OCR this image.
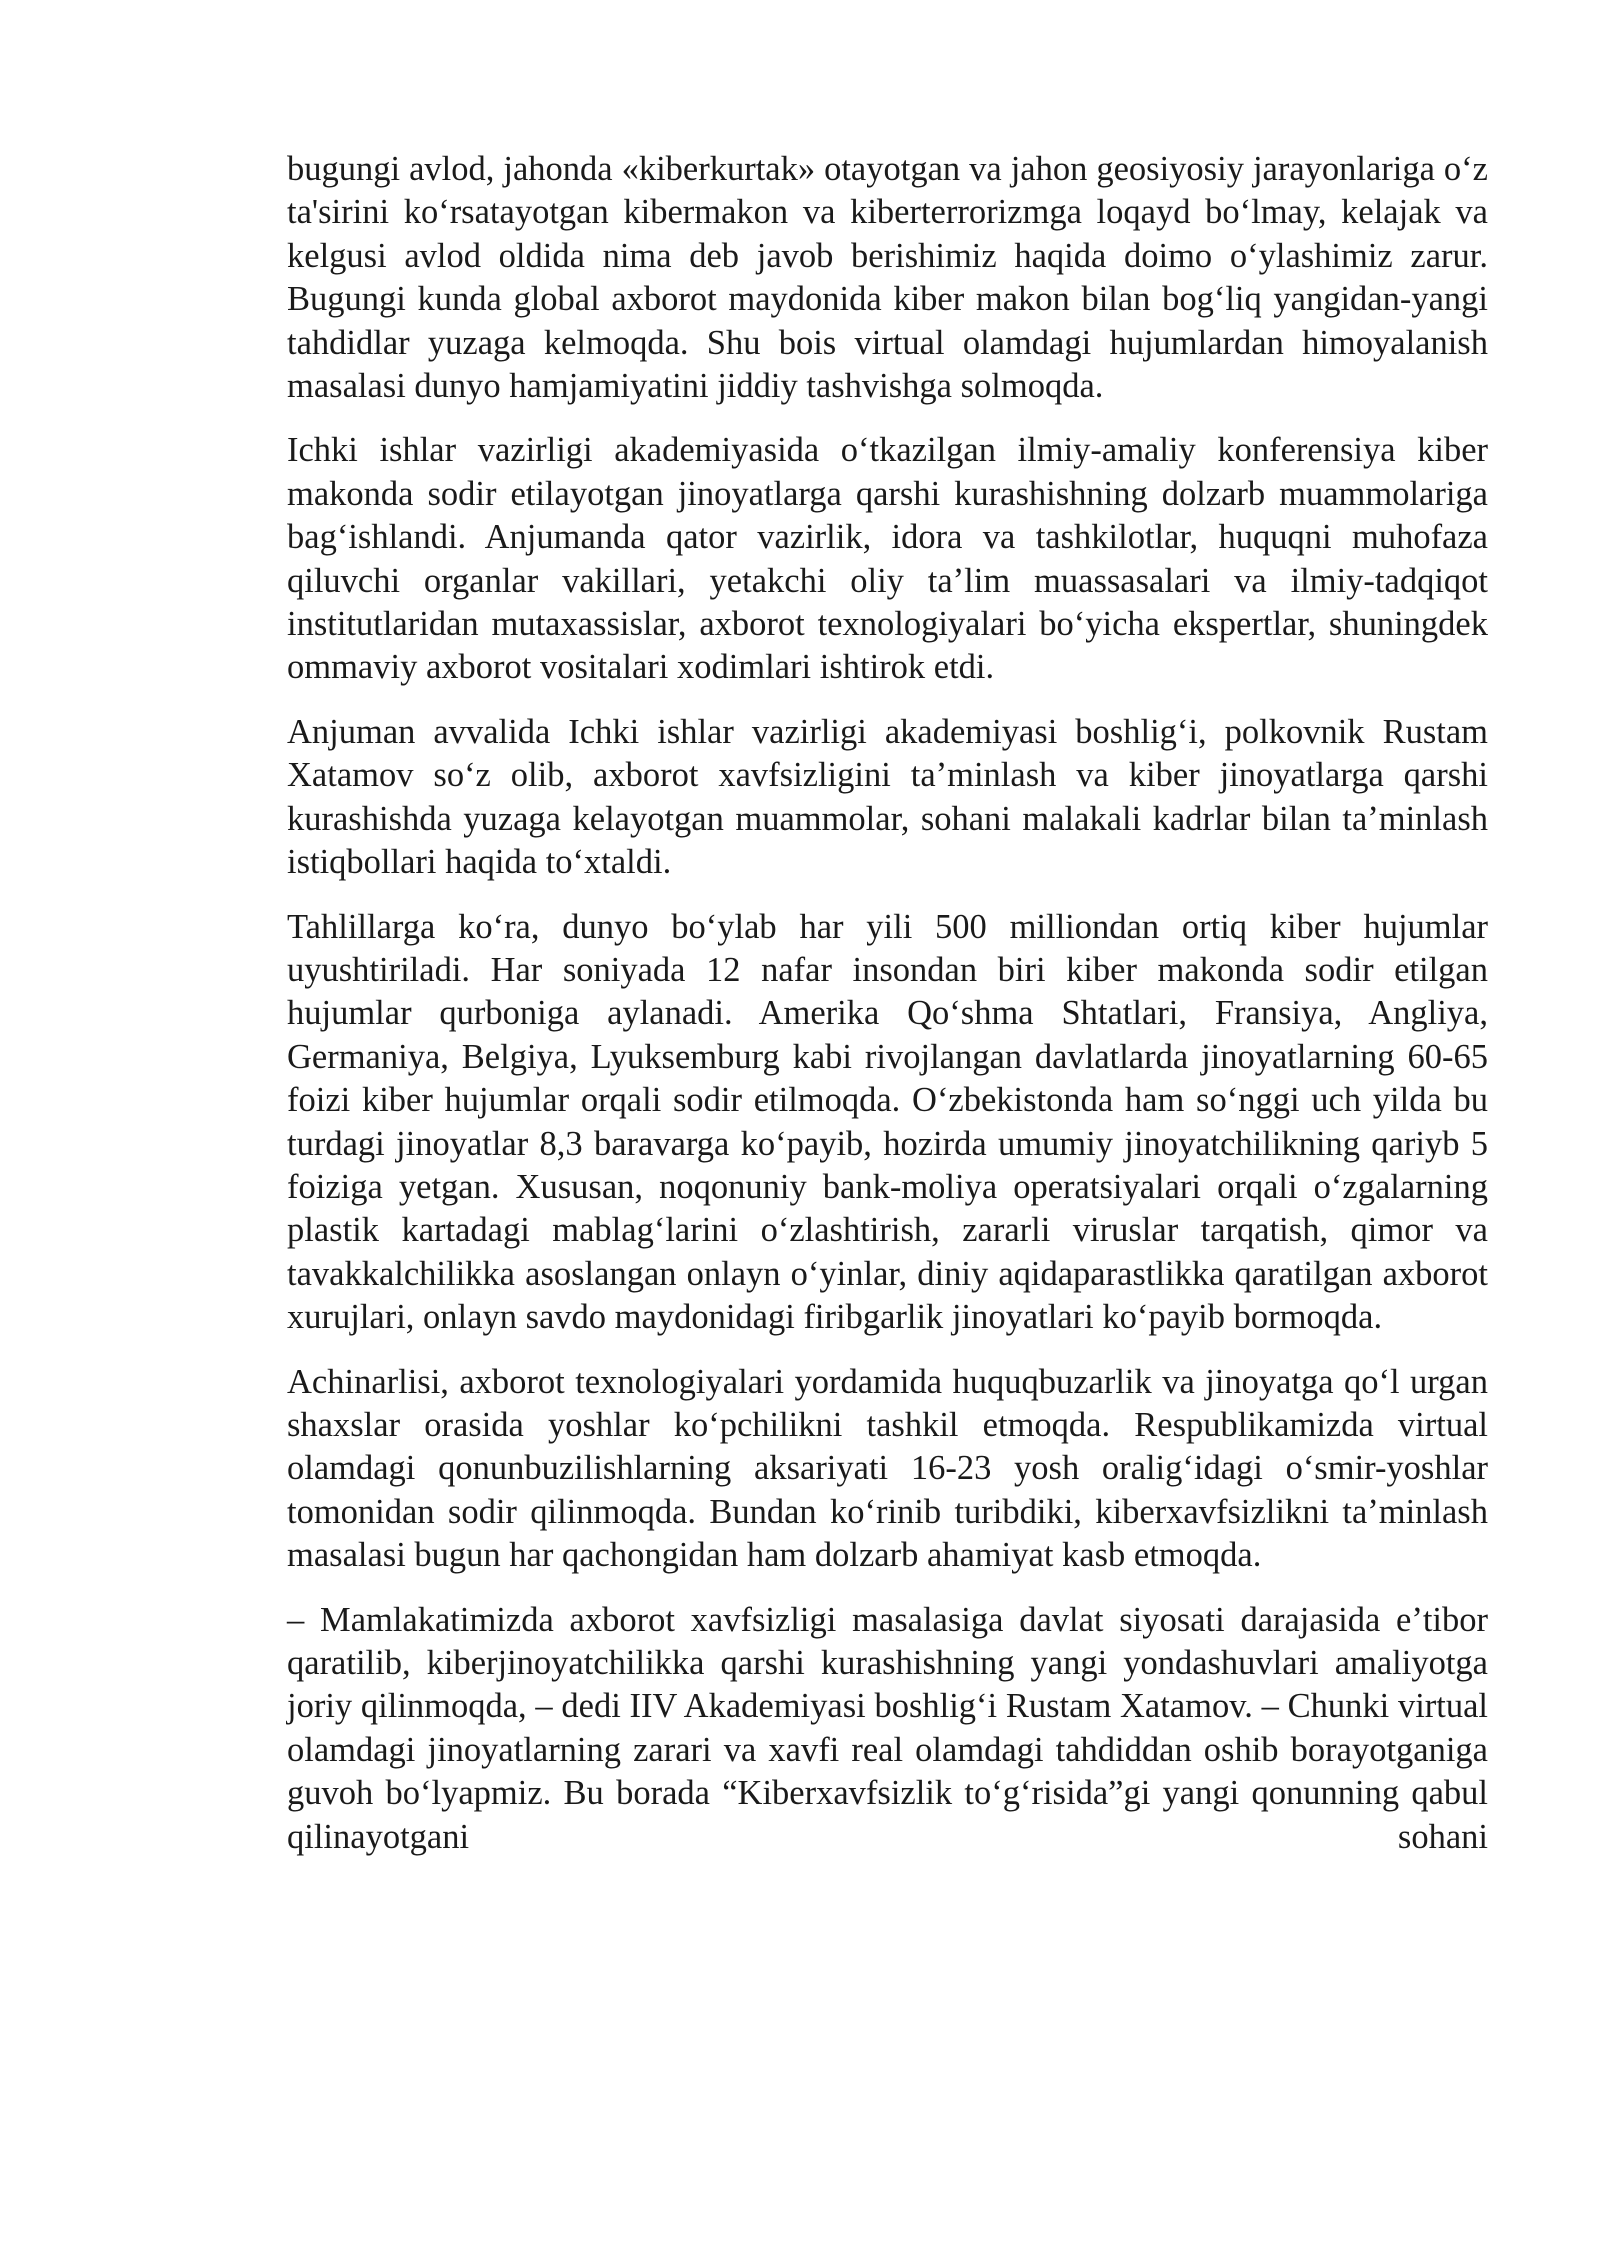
bugungi avlod, jahonda «kiberkurtak» otayotgan va jahon geosiyosiy jarayonlariga oʻz ta'sirini koʻrsatayotgan kibermakon va kiberterrorizmga loqayd boʻlmay, kelajak va kelgusi avlod oldida nima deb javob berishimiz haqida doimo oʻylashimiz zarur. Bugungi kunda global axborot maydonida kiber makon bilan bogʻliq yangidan-yangi tahdidlar yuzaga kelmoqda. Shu bois virtual olamdagi hujumlardan himoyalanish masalasi dunyo hamjamiyatini jiddiy tashvishga solmoqda.

Ichki ishlar vazirligi akademiyasida oʻtkazilgan ilmiy-amaliy konferensiya kiber makonda sodir etilayotgan jinoyatlarga qarshi kurashishning dolzarb muammolariga bagʻishlandi. Anjumanda qator vazirlik, idora va tashkilotlar, huquqni muhofaza qiluvchi organlar vakillari, yetakchi oliy taʼlim muassasalari va ilmiy-tadqiqot institutlaridan mutaxassislar, axborot texnologiyalari boʻyicha ekspertlar, shuningdek ommaviy axborot vositalari xodimlari ishtirok etdi.

Anjuman avvalida Ichki ishlar vazirligi akademiyasi boshligʻi, polkovnik Rustam Xatamov soʻz olib, axborot xavfsizligini taʼminlash va kiber jinoyatlarga qarshi kurashishda yuzaga kelayotgan muammolar, sohani malakali kadrlar bilan taʼminlash istiqbollari haqida toʻxtaldi.

Tahlillarga koʻra, dunyo boʻylab har yili 500 milliondan ortiq kiber hujumlar uyushtiriladi. Har soniyada 12 nafar insondan biri kiber makonda sodir etilgan hujumlar qurboniga aylanadi. Amerika Qoʻshma Shtatlari, Fransiya, Angliya, Germaniya, Belgiya, Lyuksemburg kabi rivojlangan davlatlarda jinoyatlarning 60-65 foizi kiber hujumlar orqali sodir etilmoqda. Oʻzbekistonda ham soʻnggi uch yilda bu turdagi jinoyatlar 8,3 baravarga koʻpayib, hozirda umumiy jinoyatchilikning qariyb 5 foiziga yetgan. Xususan, noqonuniy bank-moliya operatsiyalari orqali oʻzgalarning plastik kartadagi mablagʻlarini oʻzlashtirish, zararli viruslar tarqatish, qimor va tavakkalchilikka asoslangan onlayn oʻyinlar, diniy aqidaparastlikka qaratilgan axborot xurujlari, onlayn savdo maydonidagi firibgarlik jinoyatlari koʻpayib bormoqda.

Achinarlisi, axborot texnologiyalari yordamida huquqbuzarlik va jinoyatga qoʻl urgan shaxslar orasida yoshlar koʻpchilikni tashkil etmoqda. Respublikamizda virtual olamdagi qonunbuzilishlarning aksariyati 16-23 yosh oraligʻidagi oʻsmir-yoshlar tomonidan sodir qilinmoqda. Bundan koʻrinib turibdiki, kiberxavfsizlikni taʼminlash masalasi bugun har qachongidan ham dolzarb ahamiyat kasb etmoqda.

– Mamlakatimizda axborot xavfsizligi masalasiga davlat siyosati darajasida eʼtibor qaratilib, kiberjinoyatchilikka qarshi kurashishning yangi yondashuvlari amaliyotga joriy qilinmoqda, – dedi IIV Akademiyasi boshligʻi Rustam Xatamov. – Chunki virtual olamdagi jinoyatlarning zarari va xavfi real olamdagi tahdiddan oshib borayotganiga guvoh boʻlyapmiz. Bu borada “Kiberxavfsizlik toʻgʻrisida”gi yangi qonunning qabul qilinayotgani sohani
